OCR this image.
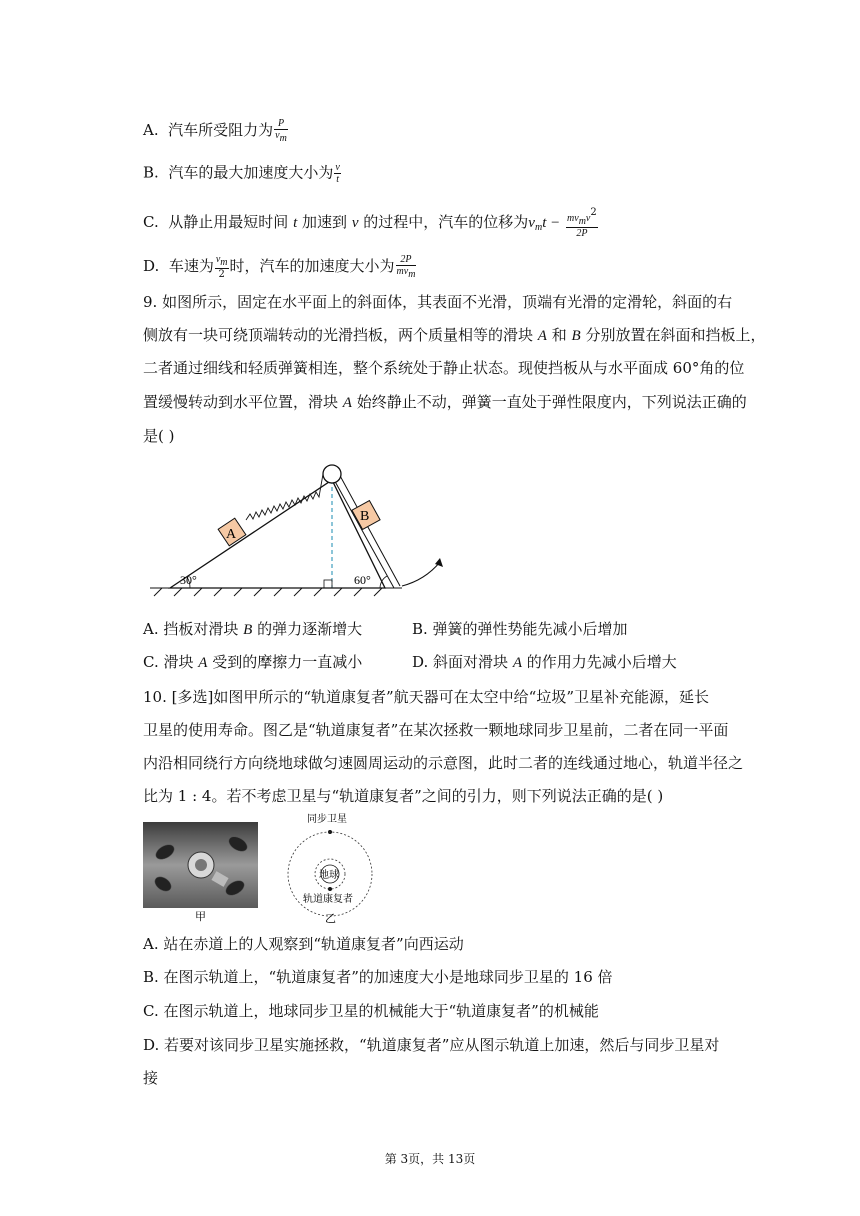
A. 汽车所受阻力为 $\frac{P}{vm}$
B. 汽车的最大加速度大小为 $\frac{v}{t}$
C. 从静止用最短时间 t 加速到 v 的过程中，汽车的位移为$v_mt - \frac{\text{mvmv2}}{2P}$
D. 车速为 $\frac{vm}{2}$ 时，汽车的加速度大小为 $\frac{2P}{\text{mvm}}$
9. 如图所示，固定在水平面上的斜面体，其表面不光滑，顶端有光滑的定滑轮，斜面的右
侧放有一块可绕顶端转动的光滑挡板，两个质量相等的滑块 A 和 B 分别放置在斜面和挡板上，
二者通过细线和轻质弹簧相连，整个系统处于静止状态。现使挡板从与水平面成 60°角的位
置缓慢转动到水平位置，滑块 A 始终静止不动，弹簧一直处于弹性限度内，下列说法正确的
是( )
A
B
30°	60°
A. 挡板对滑块 B 的弹力逐渐增大	B. 弹簧的弹性势能先减小后增加
C. 滑块 A 受到的摩擦力一直减小	D. 斜面对滑块 A 的作用力先减小后增大
10. [多选]如图甲所示的“轨道康复者”航天器可在太空中给“垃圾”卫星补充能源，延长
卫星的使用寿命。图乙是“轨道康复者”在某次拯救一颗地球同步卫星前，二者在同一平面
内沿相同绕行方向绕地球做匀速圆周运动的示意图，此时二者的连线通过地心，轨道半径之
比为 1 : 4。若不考虑卫星与“轨道康复者”之间的引力，则下列说法正确的是( )
甲
同步卫星
地球
轨道康复者
乙
A. 站在赤道上的人观察到“轨道康复者”向西运动
B. 在图示轨道上，“轨道康复者”的加速度大小是地球同步卫星的 16 倍
C. 在图示轨道上，地球同步卫星的机械能大于“轨道康复者”的机械能
D. 若要对该同步卫星实施拯救，“轨道康复者”应从图示轨道上加速，然后与同步卫星对
接
第 3页，共 13页
